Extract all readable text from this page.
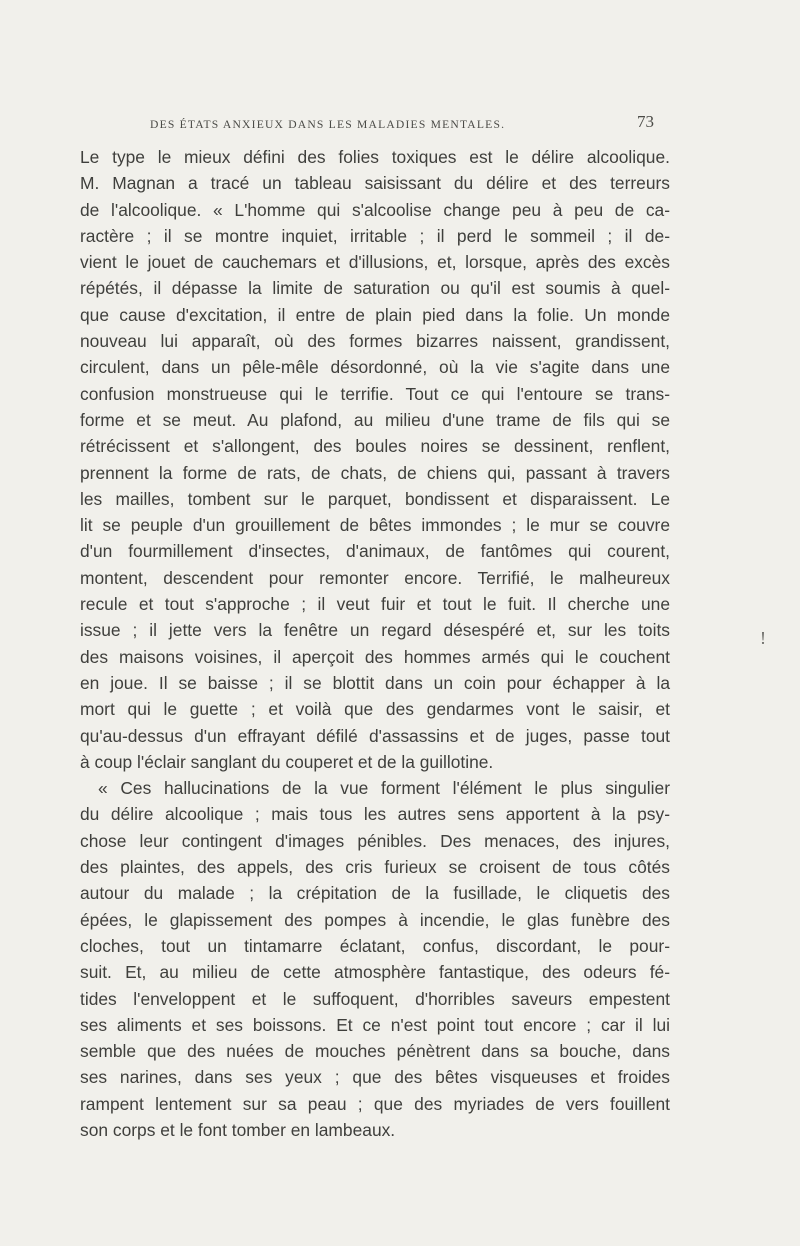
DES ÉTATS ANXIEUX DANS LES MALADIES MENTALES.	73
Le type le mieux défini des folies toxiques est le délire alcoolique.
M. Magnan a tracé un tableau saisissant du délire et des terreurs
de l'alcoolique. « L'homme qui s'alcoolise change peu à peu de ca-
ractère ; il se montre inquiet, irritable ; il perd le sommeil ; il de-
vient le jouet de cauchemars et d'illusions, et, lorsque, après des excès
répétés, il dépasse la limite de saturation ou qu'il est soumis à quel-
que cause d'excitation, il entre de plain pied dans la folie. Un monde
nouveau lui apparaît, où des formes bizarres naissent, grandissent,
circulent, dans un pêle-mêle désordonné, où la vie s'agite dans une
confusion monstrueuse qui le terrifie. Tout ce qui l'entoure se trans-
forme et se meut. Au plafond, au milieu d'une trame de fils qui se
rétrécissent et s'allongent, des boules noires se dessinent, renflent,
prennent la forme de rats, de chats, de chiens qui, passant à travers
les mailles, tombent sur le parquet, bondissent et disparaissent. Le
lit se peuple d'un grouillement de bêtes immondes ; le mur se couvre
d'un fourmillement d'insectes, d'animaux, de fantômes qui courent,
montent, descendent pour remonter encore. Terrifié, le malheureux
recule et tout s'approche ; il veut fuir et tout le fuit. Il cherche une
issue ; il jette vers la fenêtre un regard désespéré et, sur les toits
des maisons voisines, il aperçoit des hommes armés qui le couchent
en joue. Il se baisse ; il se blottit dans un coin pour échapper à la
mort qui le guette ; et voilà que des gendarmes vont le saisir, et
qu'au-dessus d'un effrayant défilé d'assassins et de juges, passe tout
à coup l'éclair sanglant du couperet et de la guillotine.
« Ces hallucinations de la vue forment l'élément le plus singulier
du délire alcoolique ; mais tous les autres sens apportent à la psy-
chose leur contingent d'images pénibles. Des menaces, des injures,
des plaintes, des appels, des cris furieux se croisent de tous côtés
autour du malade ; la crépitation de la fusillade, le cliquetis des
épées, le glapissement des pompes à incendie, le glas funèbre des
cloches, tout un tintamarre éclatant, confus, discordant, le pour-
suit. Et, au milieu de cette atmosphère fantastique, des odeurs fé-
tides l'enveloppent et le suffoquent, d'horribles saveurs empestent
ses aliments et ses boissons. Et ce n'est point tout encore ; car il lui
semble que des nuées de mouches pénètrent dans sa bouche, dans
ses narines, dans ses yeux ; que des bêtes visqueuses et froides
rampent lentement sur sa peau ; que des myriades de vers fouillent
son corps et le font tomber en lambeaux.
!
